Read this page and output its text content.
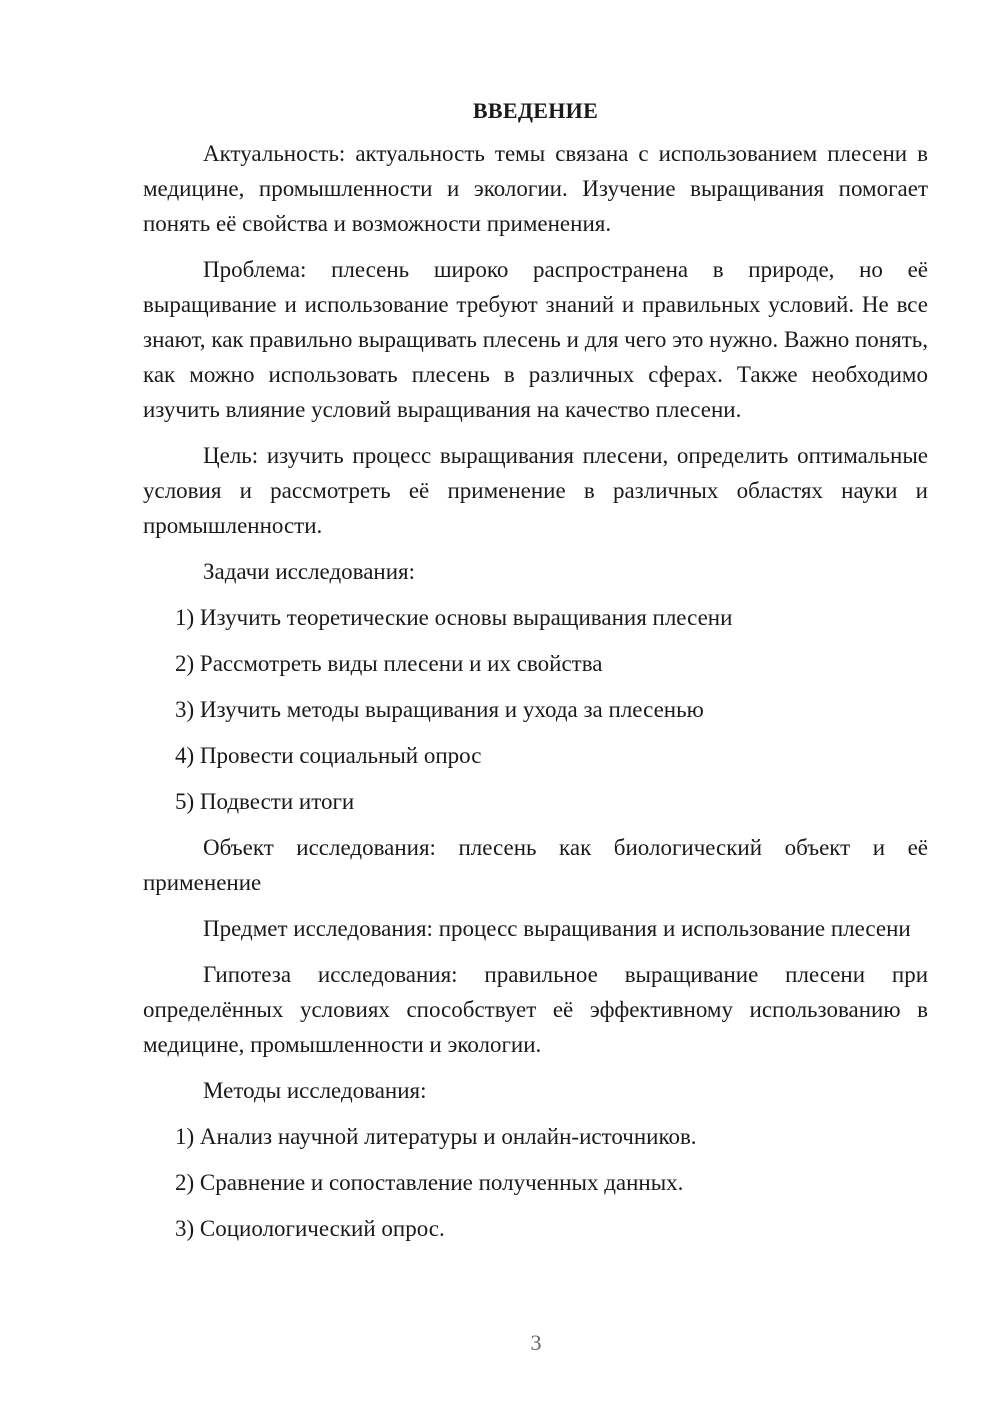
ВВЕДЕНИЕ

Актуальность: актуальность темы связана с использованием плесени в медицине, промышленности и экологии. Изучение выращивания помогает понять её свойства и возможности применения.

Проблема: плесень широко распространена в природе, но её выращивание и использование требуют знаний и правильных условий. Не все знают, как правильно выращивать плесень и для чего это нужно. Важно понять, как можно использовать плесень в различных сферах. Также необходимо изучить влияние условий выращивания на качество плесени.

Цель: изучить процесс выращивания плесени, определить оптимальные условия и рассмотреть её применение в различных областях науки и промышленности.

Задачи исследования:

1) Изучить теоретические основы выращивания плесени
2) Рассмотреть виды плесени и их свойства
3) Изучить методы выращивания и ухода за плесенью
4) Провести социальный опрос
5) Подвести итоги

Объект исследования: плесень как биологический объект и её применение

Предмет исследования: процесс выращивания и использование плесени

Гипотеза исследования: правильное выращивание плесени при определённых условиях способствует её эффективному использованию в медицине, промышленности и экологии.

Методы исследования:

1) Анализ научной литературы и онлайн-источников.
2) Сравнение и сопоставление полученных данных.
3) Социологический опрос.
3
